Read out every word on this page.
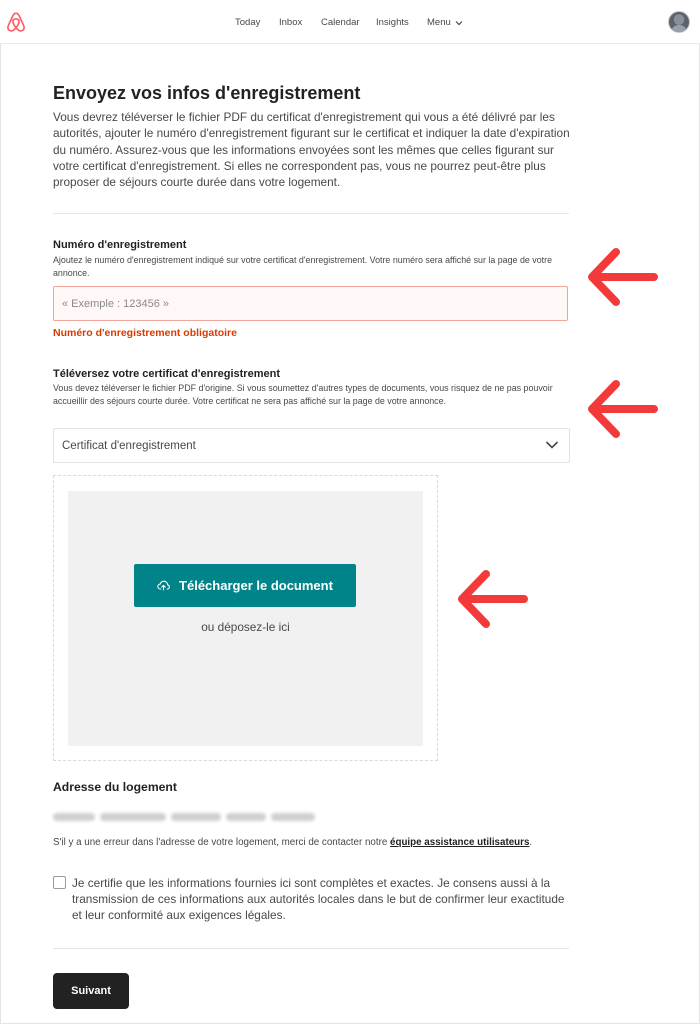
Today Inbox Calendar Insights Menu
Envoyez vos infos d'enregistrement

Vous devrez téléverser le fichier PDF du certificat d'enregistrement qui vous a été délivré par les autorités, ajouter le numéro d'enregistrement figurant sur le certificat et indiquer la date d'expiration du numéro. Assurez-vous que les informations envoyées sont les mêmes que celles figurant sur votre certificat d'enregistrement. Si elles ne correspondent pas, vous ne pourrez peut-être plus proposer de séjours courte durée dans votre logement.

Numéro d'enregistrement
Ajoutez le numéro d'enregistrement indiqué sur votre certificat d'enregistrement. Votre numéro sera affiché sur la page de votre annonce.
« Exemple : 123456 »
Numéro d'enregistrement obligatoire
Téléversez votre certificat d'enregistrement
Vous devez téléverser le fichier PDF d'origine. Si vous soumettez d'autres types de documents, vous risquez de ne pas pouvoir accueillir des séjours courte durée. Votre certificat ne sera pas affiché sur la page de votre annonce.
Certificat d'enregistrement
Télécharger le document
ou déposez-le ici
Adresse du logement
S'il y a une erreur dans l'adresse de votre logement, merci de contacter notre équipe assistance utilisateurs.
Je certifie que les informations fournies ici sont complètes et exactes. Je consens aussi à la transmission de ces informations aux autorités locales dans le but de confirmer leur exactitude et leur conformité aux exigences légales.
Suivant
